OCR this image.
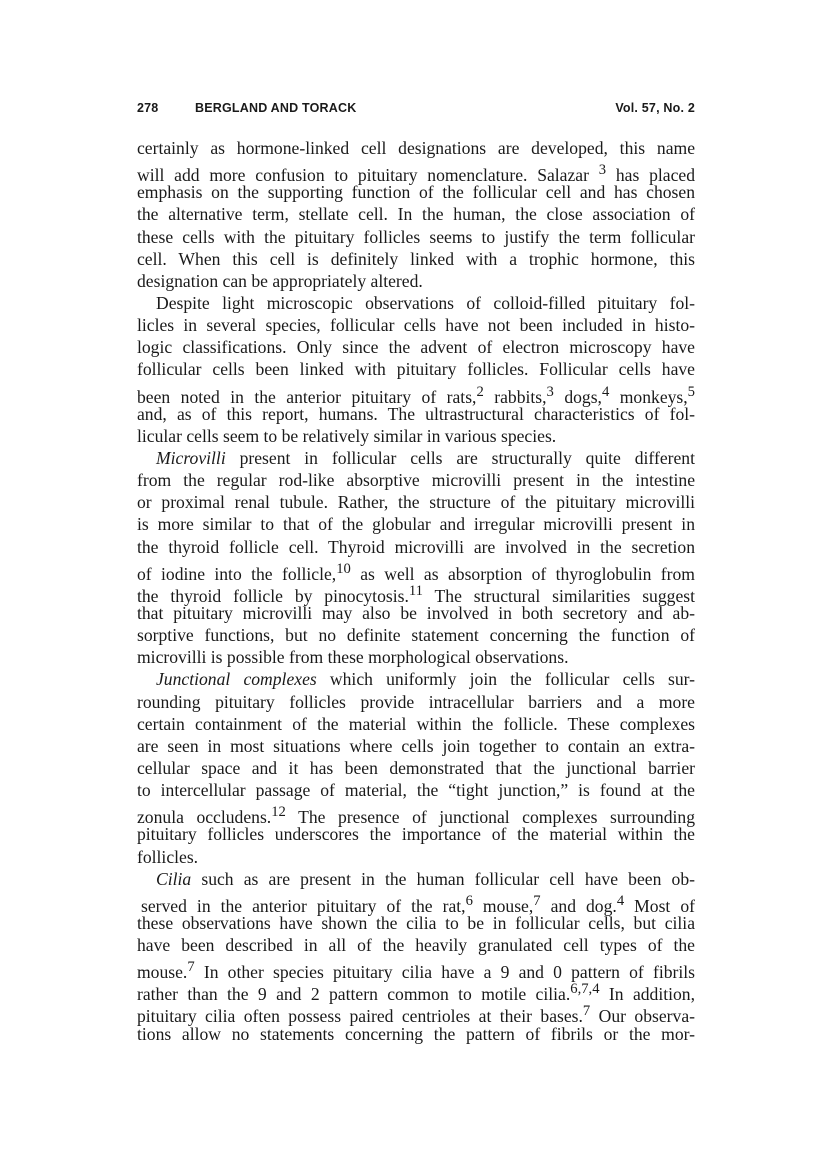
278	BERGLAND AND TORACK	Vol. 57, No. 2
certainly as hormone-linked cell designations are developed, this name
will add more confusion to pituitary nomenclature. Salazar $^3$ has placed
emphasis on the supporting function of the follicular cell and has chosen
the alternative term, stellate cell. In the human, the close association of
these cells with the pituitary follicles seems to justify the term follicular
cell. When this cell is definitely linked with a trophic hormone, this
designation can be appropriately altered.
Despite light microscopic observations of colloid-filled pituitary fol-
licles in several species, follicular cells have not been included in histo-
logic classifications. Only since the advent of electron microscopy have
follicular cells been linked with pituitary follicles. Follicular cells have
been noted in the anterior pituitary of rats,$^2$ rabbits,$^3$ dogs,$^4$ monkeys,$^5$
and, as of this report, humans. The ultrastructural characteristics of fol-
licular cells seem to be relatively similar in various species.
Microvilli present in follicular cells are structurally quite different
from the regular rod-like absorptive microvilli present in the intestine
or proximal renal tubule. Rather, the structure of the pituitary microvilli
is more similar to that of the globular and irregular microvilli present in
the thyroid follicle cell. Thyroid microvilli are involved in the secretion
of iodine into the follicle,$^{10}$ as well as absorption of thyroglobulin from
the thyroid follicle by pinocytosis.$^{11}$ The structural similarities suggest
that pituitary microvilli may also be involved in both secretory and ab-
sorptive functions, but no definite statement concerning the function of
microvilli is possible from these morphological observations.
Junctional complexes which uniformly join the follicular cells sur-
rounding pituitary follicles provide intracellular barriers and a more
certain containment of the material within the follicle. These complexes
are seen in most situations where cells join together to contain an extra-
cellular space and it has been demonstrated that the junctional barrier
to intercellular passage of material, the “tight junction,” is found at the
zonula occludens.$^{12}$ The presence of junctional complexes surrounding
pituitary follicles underscores the importance of the material within the
follicles.
Cilia such as are present in the human follicular cell have been ob-
served in the anterior pituitary of the rat,$^6$ mouse,$^7$ and dog.$^4$ Most of
these observations have shown the cilia to be in follicular cells, but cilia
have been described in all of the heavily granulated cell types of the
mouse.$^7$ In other species pituitary cilia have a 9 and 0 pattern of fibrils
rather than the 9 and 2 pattern common to motile cilia.$^{6,7,4}$ In addition,
pituitary cilia often possess paired centrioles at their bases.$^7$ Our observa-
tions allow no statements concerning the pattern of fibrils or the mor-
